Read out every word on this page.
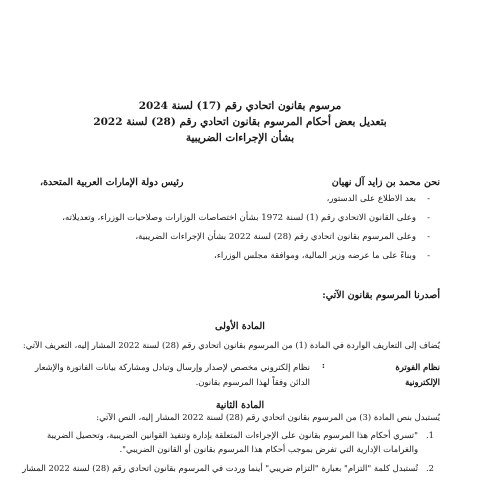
مرسوم بقانون اتحادي رقم (17) لسنة 2024
بتعديل بعض أحكام المرسوم بقانون اتحادي رقم (28) لسنة 2022
بشأن الإجراءات الضريبية
نحن محمد بن زايد آل نهيان
رئيس دولة الإمارات العربية المتحدة،
-
بعد الاطلاع على الدستور،
-
وعلى القانون الاتحادي رقم (1) لسنة 1972 بشأن اختصاصات الوزارات وصلاحيات الوزراء، وتعديلاته،
-
وعلى المرسوم بقانون اتحادي رقم (28) لسنة 2022 بشأن الإجراءات الضريبية،
-
وبناءً على ما عرضه وزير المالية، وموافقة مجلس الوزراء،
أصدرنا المرسوم بقانون الآتي:
المادة الأولى
يُضاف إلى التعاريف الواردة في المادة (1) من المرسوم بقانون اتحادي رقم (28) لسنة 2022 المشار إليه، التعريف الآتي:
نظام الفوترة
الإلكترونية
:
نظام إلكتروني مخصص لإصدار وإرسال وتبادل ومشاركة بيانات الفاتورة والإشعار
الدائن وفقاً لهذا المرسوم بقانون.
المادة الثانية
يُستبدل بنص المادة (3) من المرسوم بقانون اتحادي رقم (28) لسنة 2022 المشار إليه، النص الآتي:
1.
"تسري أحكام هذا المرسوم بقانون على الإجراءات المتعلقة بإدارة وتنفيذ القوانين الضريبية، وتحصيل الضريبة
والغرامات الإدارية التي تفرض بموجب أحكام هذا المرسوم بقانون أو القانون الضريبي".
2.
تُستبدل كلمة "التزام" بعبارة "التزام ضريبي" أينما وردت في المرسوم بقانون اتحادي رقم (28) لسنة 2022 المشار
